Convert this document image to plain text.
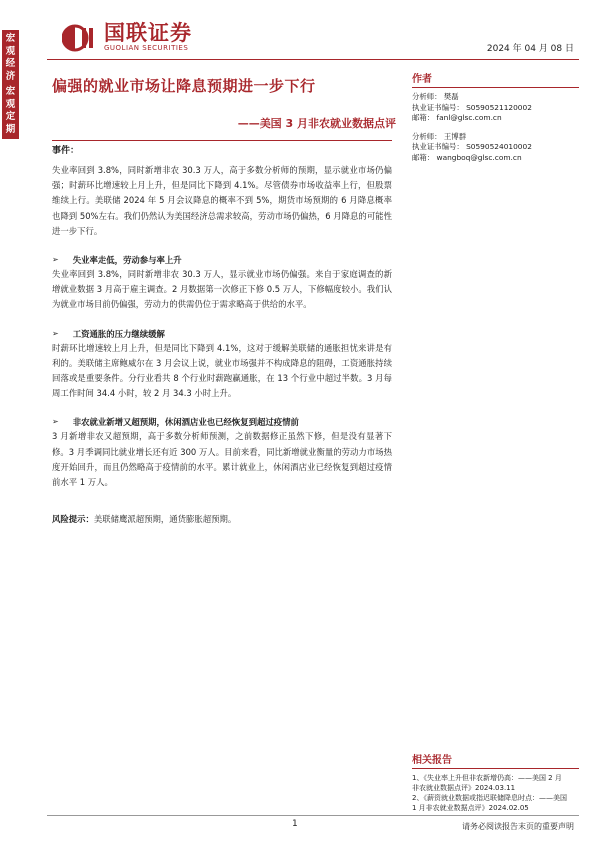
宏观经济
宏观定期
国联证券
GUOLIAN SECURITIES	2024 年 04 月 08 日
偏强的就业市场让降息预期进一步下行
——美国 3 月非农就业数据点评
作者
分析师： 樊磊
执业证书编号： S0590521120002
邮箱： fanl@glsc.com.cn
分析师： 王博群
执业证书编号： S0590524010002
邮箱： wangboq@glsc.com.cn
相关报告
1、《失业率上升但非农新增仍高：——美国 2 月
非农就业数据点评》2024.03.11
2、《薪资就业数据或指迟联储降息时点：——美国
1 月非农就业数据点评》2024.02.05
事件：
失业率回到 3.8%，同时新增非农 30.3 万人，高于多数分析师的预期，显示就业市场仍偏强；时薪环比增速较上月上升，但是同比下降到 4.1%。尽管债券市场收益率上行，但股票维续上行。美联储 2024 年 5 月会议降息的概率不到 5%，期货市场预期的 6 月降息概率也降到 50%左右。我们仍然认为美国经济总需求较高，劳动市场仍偏热，6 月降息的可能性进一步下行。
➢ 失业率走低，劳动参与率上升
失业率回到 3.8%，同时新增非农 30.3 万人，显示就业市场仍偏强。来自于家庭调查的新增就业数据 3 月高于雇主调查。2 月数据第一次修正下修 0.5 万人，下修幅度较小。我们认为就业市场目前仍偏强，劳动力的供需仍位于需求略高于供给的水平。
➢ 工资通胀的压力继续缓解
时薪环比增速较上月上升，但是同比下降到 4.1%，这对于缓解美联储的通胀担忧来讲是有利的。美联储主席鲍威尔在 3 月会议上说，就业市场强并不构成降息的阻碍，工资通胀持续回落或是重要条件。分行业看共 8 个行业时薪跑赢通胀，在 13 个行业中超过半数。3 月每周工作时间 34.4 小时，较 2 月 34.3 小时上升。
➢ 非农就业新增又超预期，休闲酒店业也已经恢复到超过疫情前
3 月新增非农又超预期，高于多数分析师预测，之前数据修正虽然下修，但是没有显著下修。3 月季调同比就业增长还有近 300 万人。目前来看，同比新增就业衡量的劳动力市场热度开始回升，而且仍然略高于疫情前的水平。累计就业上，休闲酒店业已经恢复到超过疫情前水平 1 万人。
风险提示：美联储鹰派超预期，通货膨胀超预期。
1	请务必阅读报告末页的重要声明
